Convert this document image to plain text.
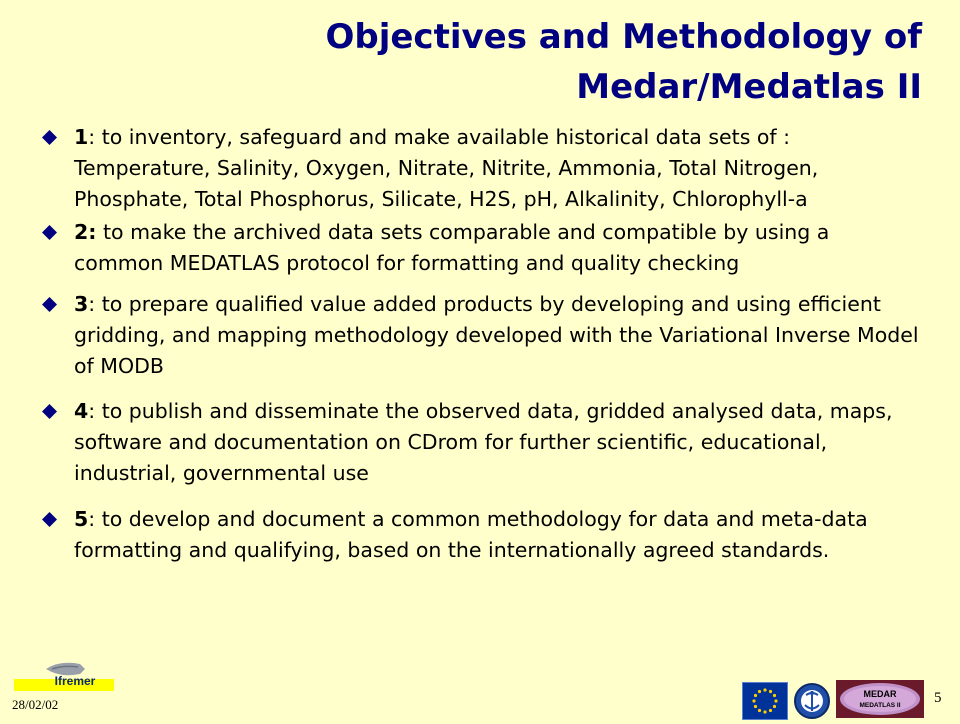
Objectives and Methodology of
Medar/Medatlas II
1: to inventory, safeguard and make available historical data sets of : Temperature, Salinity, Oxygen, Nitrate, Nitrite, Ammonia, Total Nitrogen, Phosphate, Total Phosphorus, Silicate, H2S, pH, Alkalinity, Chlorophyll-a
2: to make the archived data sets comparable and compatible by using a common MEDATLAS protocol for formatting and quality checking
3: to prepare qualified value added products by developing and using efficient gridding, and mapping methodology developed with the Variational Inverse Model of MODB
4: to publish and disseminate the observed data, gridded analysed data, maps, software and documentation on CDrom for further scientific, educational, industrial, governmental use
5: to develop and document a common methodology for data and meta-data formatting and qualifying, based on the internationally agreed standards.
Ifremer
28/02/02
MEDAR
MEDATLAS II 5
